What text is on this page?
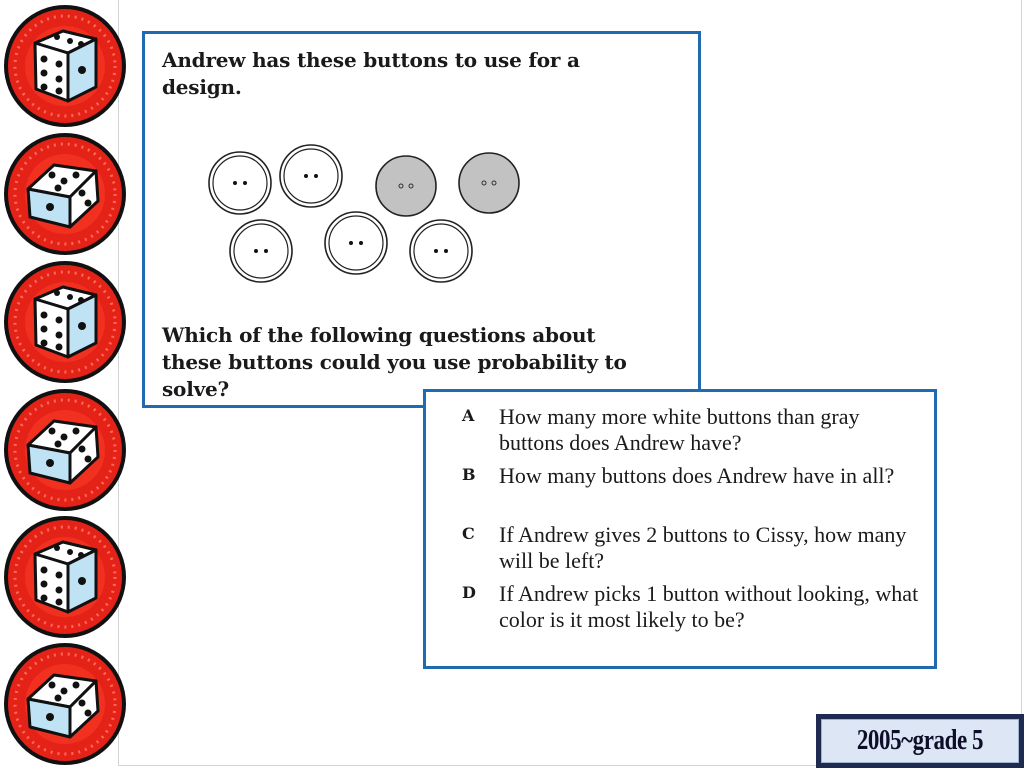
Andrew has these buttons to use for a design.

Which of the following questions about these buttons could you use probability to solve?

A How many more white buttons than gray buttons does Andrew have?

B How many buttons does Andrew have in all?

C If Andrew gives 2 buttons to Cissy, how many will be left?

D If Andrew picks 1 button without looking, what color is it most likely to be?

2005~grade 5
